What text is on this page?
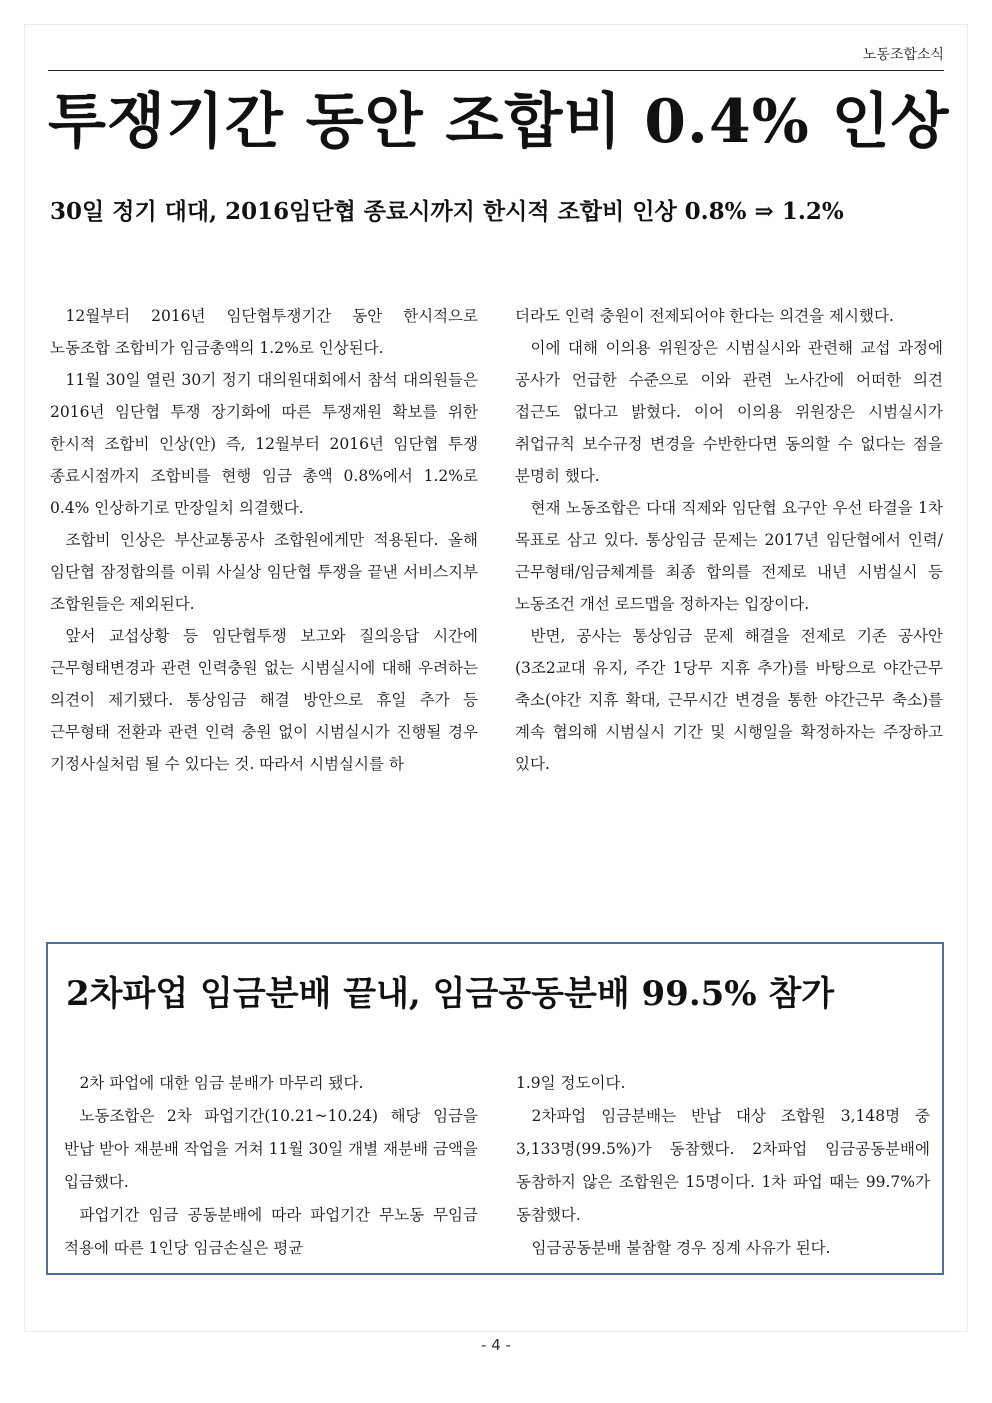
노동조합소식
투쟁기간 동안 조합비 0.4% 인상
30일 정기 대대, 2016임단협 종료시까지 한시적 조합비 인상 0.8% ⇒ 1.2%

12월부터 2016년 임단협투쟁기간 동안 한시적으로 노동조합 조합비가 임금총액의 1.2%로 인상된다.

11월 30일 열린 30기 정기 대의원대회에서 참석 대의원들은 2016년 임단협 투쟁 장기화에 따른 투쟁재원 확보를 위한 한시적 조합비 인상(안) 즉, 12월부터 2016년 임단협 투쟁 종료시점까지 조합비를 현행 임금 총액 0.8%에서 1.2%로 0.4% 인상하기로 만장일치 의결했다.

조합비 인상은 부산교통공사 조합원에게만 적용된다. 올해 임단협 잠정합의를 이뤄 사실상 임단협 투쟁을 끝낸 서비스지부 조합원들은 제외된다.

앞서 교섭상황 등 임단협투쟁 보고와 질의응답 시간에 근무형태변경과 관련 인력충원 없는 시범실시에 대해 우려하는 의견이 제기됐다. 통상임금 해결 방안으로 휴일 추가 등 근무형태 전환과 관련 인력 충원 없이 시범실시가 진행될 경우 기정사실처럼 될 수 있다는 것. 따라서 시범실시를 하

더라도 인력 충원이 전제되어야 한다는 의견을 제시했다.

이에 대해 이의용 위원장은 시범실시와 관련해 교섭 과정에 공사가 언급한 수준으로 이와 관련 노사간에 어떠한 의견 접근도 없다고 밝혔다. 이어 이의용 위원장은 시범실시가 취업규칙 보수규정 변경을 수반한다면 동의할 수 없다는 점을 분명히 했다.

현재 노동조합은 다대 직제와 임단협 요구안 우선 타결을 1차 목표로 삼고 있다. 통상임금 문제는 2017년 임단협에서 인력/근무형태/임금체계를 최종 합의를 전제로 내년 시범실시 등 노동조건 개선 로드맵을 정하자는 입장이다.

반면, 공사는 통상임금 문제 해결을 전제로 기존 공사안(3조2교대 유지, 주간 1당무 지휴 추가)를 바탕으로 야간근무 축소(야간 지휴 확대, 근무시간 변경을 통한 야간근무 축소)를 계속 협의해 시범실시 기간 및 시행일을 확정하자는 주장하고 있다.

2차파업 임금분배 끝내, 임금공동분배 99.5% 참가

2차 파업에 대한 임금 분배가 마무리 됐다.

노동조합은 2차 파업기간(10.21~10.24) 해당 임금을 반납 받아 재분배 작업을 거쳐 11월 30일 개별 재분배 금액을 입금했다.

파업기간 임금 공동분배에 따라 파업기간 무노동 무임금 적용에 따른 1인당 임금손실은 평균

1.9일 정도이다.

2차파업 임금분배는 반납 대상 조합원 3,148명 중 3,133명(99.5%)가 동참했다. 2차파업 임금공동분배에 동참하지 않은 조합원은 15명이다. 1차 파업 때는 99.7%가 동참했다.

임금공동분배 불참할 경우 징계 사유가 된다.

- 4 -
